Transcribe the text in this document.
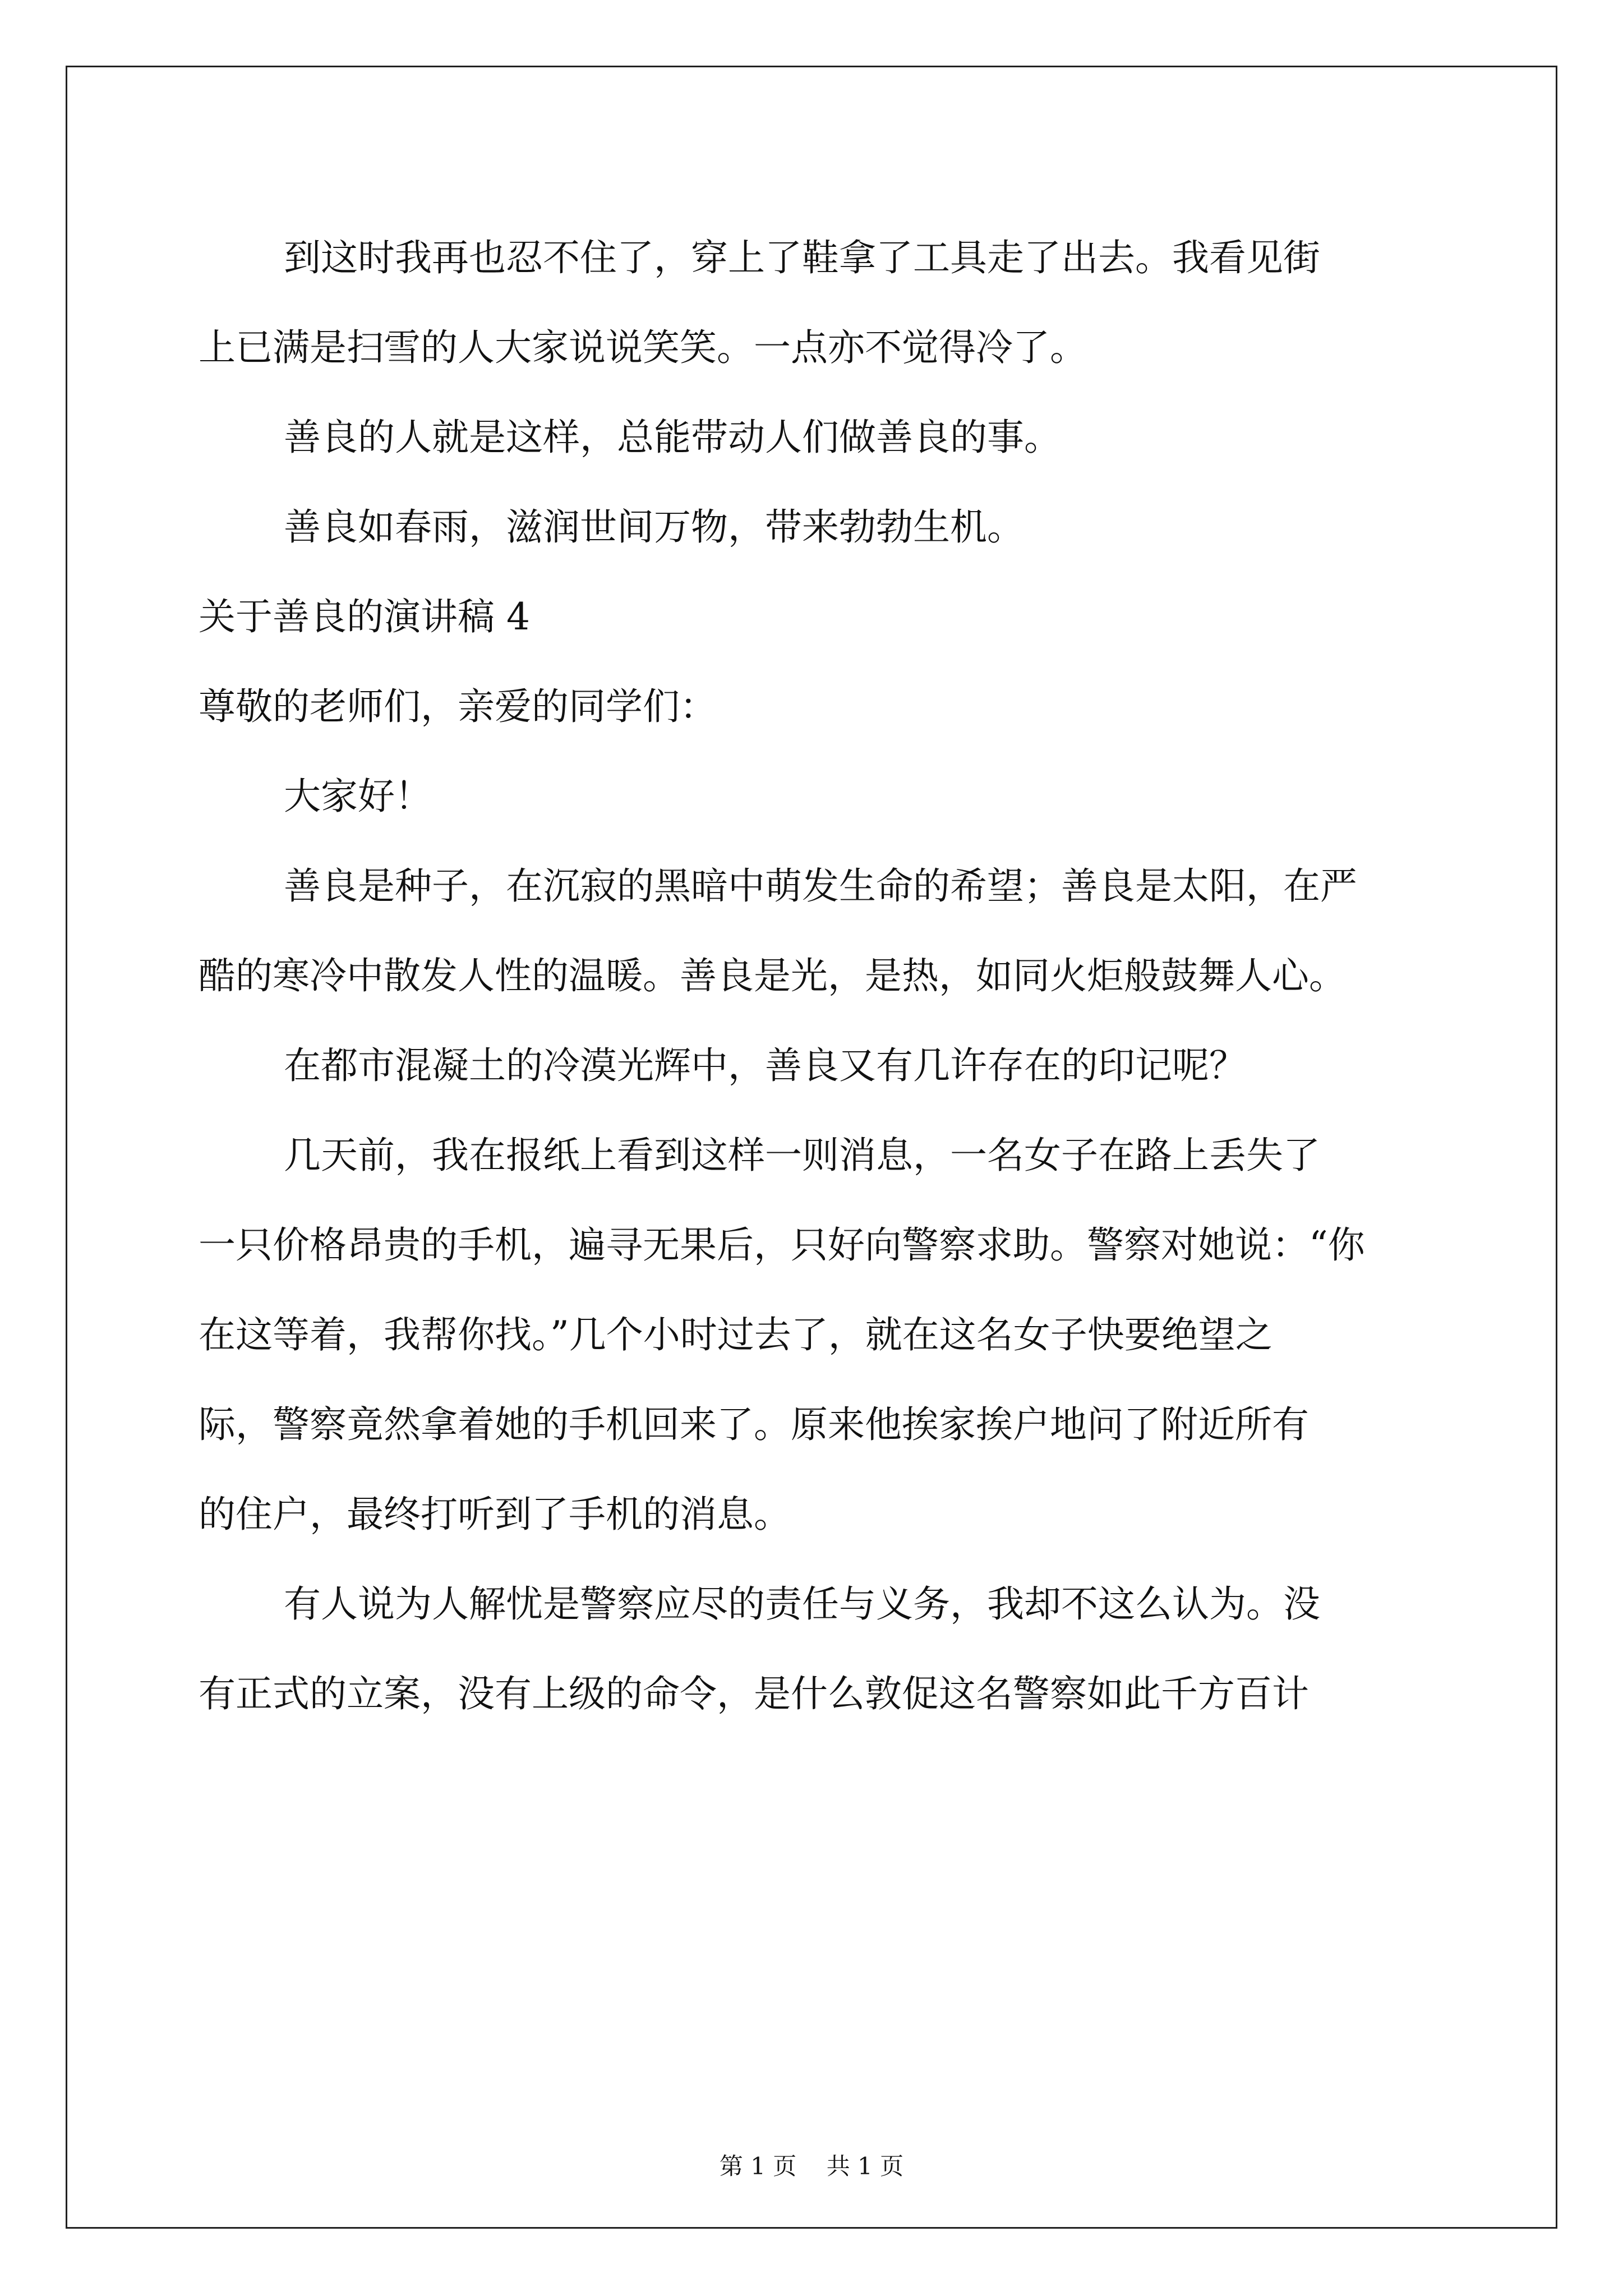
到这时我再也忍不住了，穿上了鞋拿了工具走了出去。我看见街

上已满是扫雪的人大家说说笑笑。一点亦不觉得冷了。

善良的人就是这样，总能带动人们做善良的事。

善良如春雨，滋润世间万物，带来勃勃生机。

关于善良的演讲稿 4

尊敬的老师们，亲爱的同学们：

大家好！

善良是种子，在沉寂的黑暗中萌发生命的希望；善良是太阳，在严

酷的寒冷中散发人性的温暖。善良是光，是热，如同火炬般鼓舞人心。

在都市混凝土的冷漠光辉中，善良又有几许存在的印记呢？

几天前，我在报纸上看到这样一则消息，一名女子在路上丢失了

一只价格昂贵的手机，遍寻无果后，只好向警察求助。警察对她说：“你

在这等着，我帮你找。”几个小时过去了，就在这名女子快要绝望之

际，警察竟然拿着她的手机回来了。原来他挨家挨户地问了附近所有

的住户，最终打听到了手机的消息。

有人说为人解忧是警察应尽的责任与义务，我却不这么认为。没

有正式的立案，没有上级的命令，是什么敦促这名警察如此千方百计

第 1 页    共 1 页
